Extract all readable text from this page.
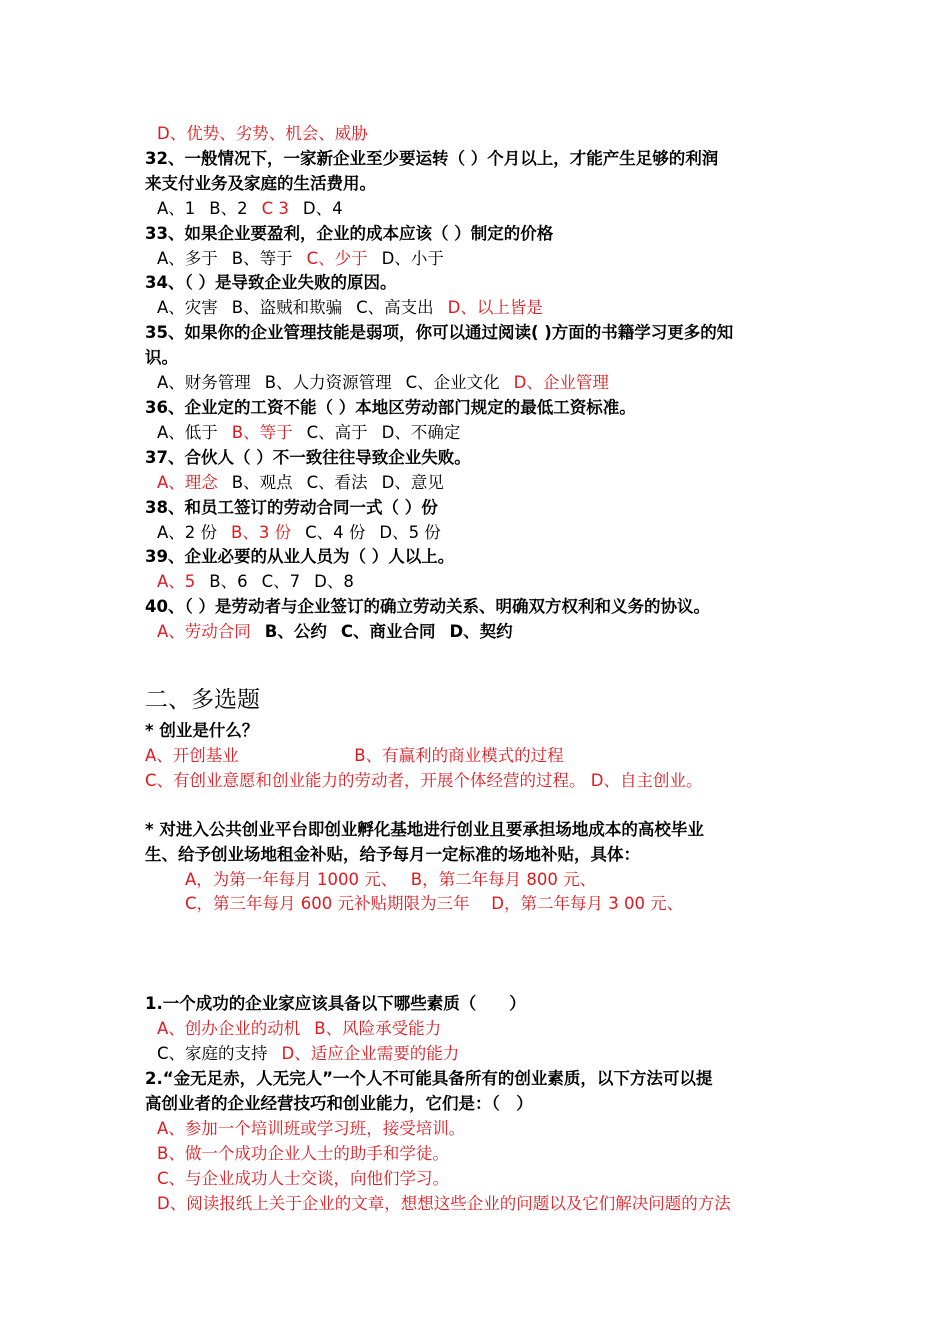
D、优势、劣势、机会、威胁
32、一般情况下，一家新企业至少要运转（ ）个月以上，才能产生足够的利润
来支付业务及家庭的生活费用。
A、1 B、2 C 3 D、4
33、如果企业要盈利，企业的成本应该（ ）制定的价格
A、多于 B、等于 C、少于 D、小于
34、（ ）是导致企业失败的原因。
A、灾害 B、盗贼和欺骗 C、高支出 D、以上皆是
35、如果你的企业管理技能是弱项，你可以通过阅读( )方面的书籍学习更多的知
识。
A、财务管理 B、人力资源管理 C、企业文化 D、企业管理
36、企业定的工资不能（ ）本地区劳动部门规定的最低工资标准。
A、低于 B、等于 C、高于 D、不确定
37、合伙人（ ）不一致往往导致企业失败。
A、理念 B、观点 C、看法 D、意见
38、和员工签订的劳动合同一式（ ）份
A、2 份 B、3 份 C、4 份 D、5 份
39、企业必要的从业人员为（ ）人以上。
A、5 B、6 C、7 D、8
40、（ ）是劳动者与企业签订的确立劳动关系、明确双方权利和义务的协议。
A、劳动合同 B、公约 C、商业合同 D、契约
二、多选题
* 创业是什么？
A、开创基业　　　　　　　B、有赢利的商业模式的过程
C、有创业意愿和创业能力的劳动者，开展个体经营的过程。 D、自主创业。
* 对进入公共创业平台即创业孵化基地进行创业且要承担场地成本的高校毕业
生、给予创业场地租金补贴，给予每月一定标准的场地补贴，具体：
A，为第一年每月 1000 元、　 B，第二年每月 800 元、
C，第三年每月 600 元补贴期限为三年　 D，第二年每月 3 00 元、
1.一个成功的企业家应该具备以下哪些素质（　　）
A、创办企业的动机 B、风险承受能力
C、家庭的支持 D、适应企业需要的能力
2.“金无足赤，人无完人”一个人不可能具备所有的创业素质，以下方法可以提
高创业者的企业经营技巧和创业能力，它们是：（　）
A、参加一个培训班或学习班，接受培训。
B、做一个成功企业人士的助手和学徒。
C、与企业成功人士交谈，向他们学习。
D、阅读报纸上关于企业的文章，想想这些企业的问题以及它们解决问题的方法
